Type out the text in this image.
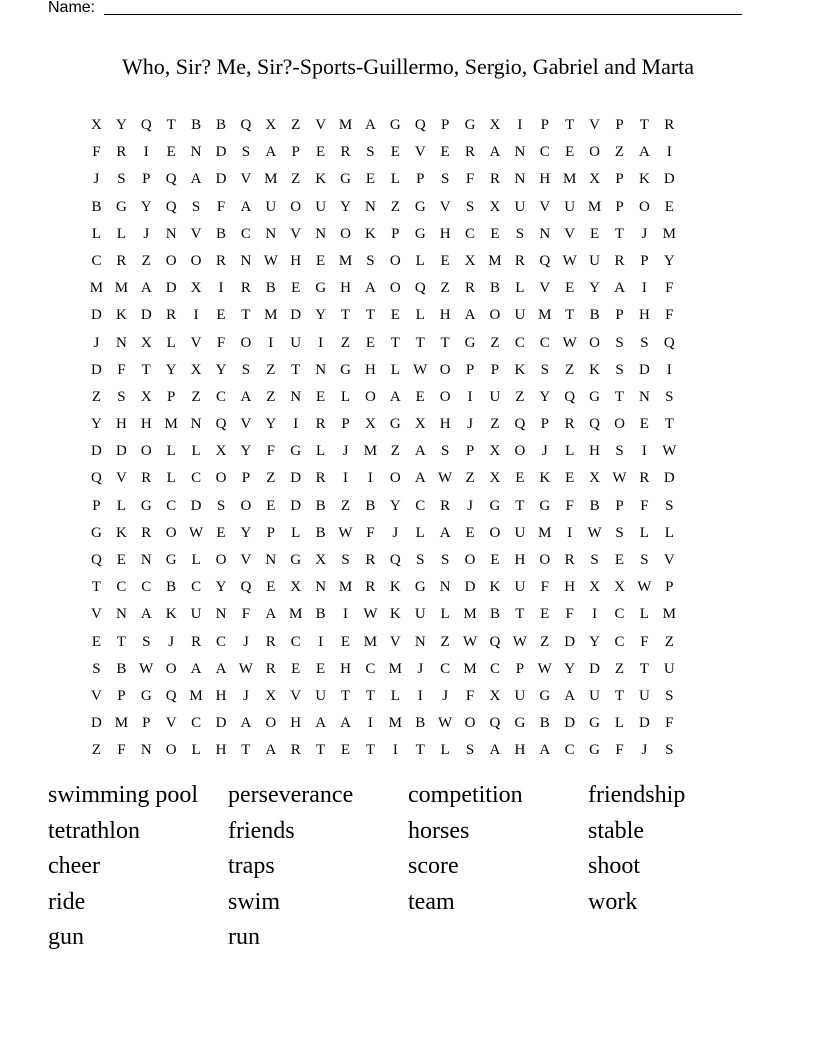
Name:
Who, Sir? Me, Sir?-Sports-Guillermo, Sergio, Gabriel and Marta
X Y Q T	B B Q X Z V M A G Q	P	G X	I	P	T V	P	T	R
F	R	I	E N D	S	A	P	E	R	S	E V E	R A N C	E O Z A	I
J	S	P	Q A D V M Z K G E	L	P	S	F	R N H M X	P	K D
B G Y Q	S	F	A U O U Y N Z G V	S	X U V U M P	O E
L	L	J	N V B C N V N O K	P	G H C	E	S	N V E	T	J	M
C R	Z O O R N W H E M S	O L	E X M R Q W U R	P	Y
M M A D X	I	R B	E G H A O Q Z	R B	L V E Y A	I	F
D K D R	I	E	T M D Y T	T	E	L H A O U M T	B	P	H	F
J	N X L V	F	O	I	U	I	Z	E	T	T	T G Z	C C W O	S	S	Q
D	F	T Y X Y	S	Z	T N G H L W O	P	P	K	S	Z K	S	D	I
Z	S	X	P	Z	C A Z N E	L O A E O	I	U Z Y Q G T N	S
Y H H M N Q V Y	I	R	P	X G X H	J	Z Q	P	R Q O E	T
D D O L	L X Y	F	G L	J	M Z A	S	P	X O	J	L H	S	I	W
Q V R	L	C O	P	Z D R	I	I	O A W Z X E K E X W R D
P	L G C D	S	O E D B	Z	B Y C R	J	G T G	F	B	P	F	S
G K R O W E Y	P	L	B W F	J	L A E O U M	I	W S	L	L
Q E N G L O V N G X	S	R Q	S	S	O E H O R	S	E	S	V
T	C C B C Y Q E X N M R K G N D K U	F	H X X W P
V N A K U N	F	A M B	I	W K U L M B	T	E	F	I	C	L M
E	T	S	J	R C	J	R C	I	E M V N Z W Q W Z D Y C	F	Z
S	B W O A A W R	E	E H C M	J	C M C	P W Y D Z	T U
V	P	G Q M H	J	X V U T	T	L	I	J	F	X U G A U T U	S
D M P	V C D A O H A A	I	M B W O Q G B D G L D	F
Z	F	N O L H T A R	T	E	T	I	T	L	S	A H A C G	F	J	S
swimming pool	perseverance	competition	friendship
tetrathlon	friends	horses	stable
cheer	traps	score	shoot
ride	swim	team	work
gun	run
